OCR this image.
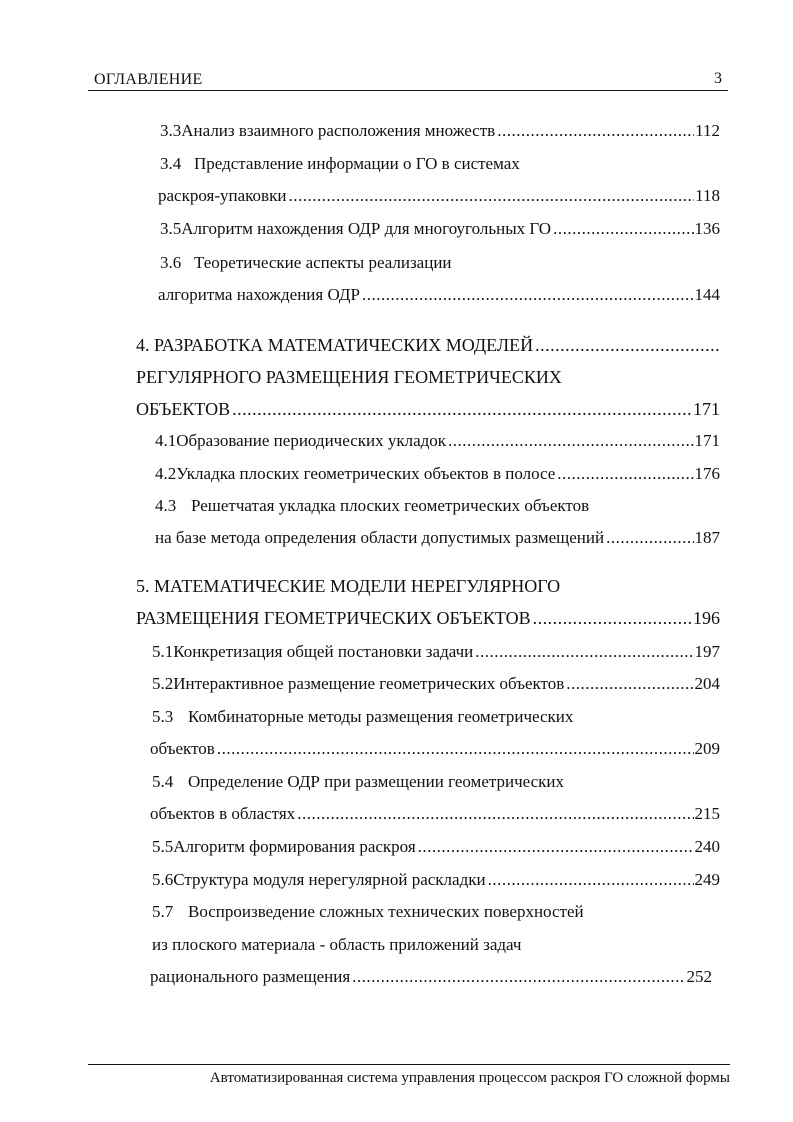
ОГЛАВЛЕНИЕ	3
3.3 Анализ взаимного расположения множеств .....	112
3.4 Представление информации о ГО в системах
раскроя-упаковки .....	118
3.5 Алгоритм нахождения ОДР для многоугольных ГО .....	136
3.6 Теоретические аспекты реализации
алгоритма нахождения ОДР .....	144
4. РАЗРАБОТКА МАТЕМАТИЧЕСКИХ МОДЕЛЕЙ
.....
РЕГУЛЯРНОГО РАЗМЕЩЕНИЯ ГЕОМЕТРИЧЕСКИХ
ОБЪЕКТОВ .....	171
4.1 Образование периодических укладок .....	171
4.2 Укладка плоских геометрических объектов в полосе .....	176
4.3 Решетчатая укладка плоских геометрических объектов
на базе метода определения области допустимых размещений .....	187
5. МАТЕМАТИЧЕСКИЕ МОДЕЛИ НЕРЕГУЛЯРНОГО
РАЗМЕЩЕНИЯ ГЕОМЕТРИЧЕСКИХ ОБЪЕКТОВ .....	196
5.1 Конкретизация общей постановки задачи .....	197
5.2 Интерактивное размещение геометрических объектов .....	204
5.3 Комбинаторные методы размещения геометрических
объектов .....	209
5.4 Определение ОДР при размещении геометрических
объектов в областях .....	215
5.5 Алгоритм формирования раскроя .....	240
5.6 Структура модуля нерегулярной раскладки .....	249
5.7 Воспроизведение сложных технических поверхностей
из плоского материала - область приложений задач
рационального размещения .....	252
Автоматизированная система управления процессом раскроя ГО сложной формы
